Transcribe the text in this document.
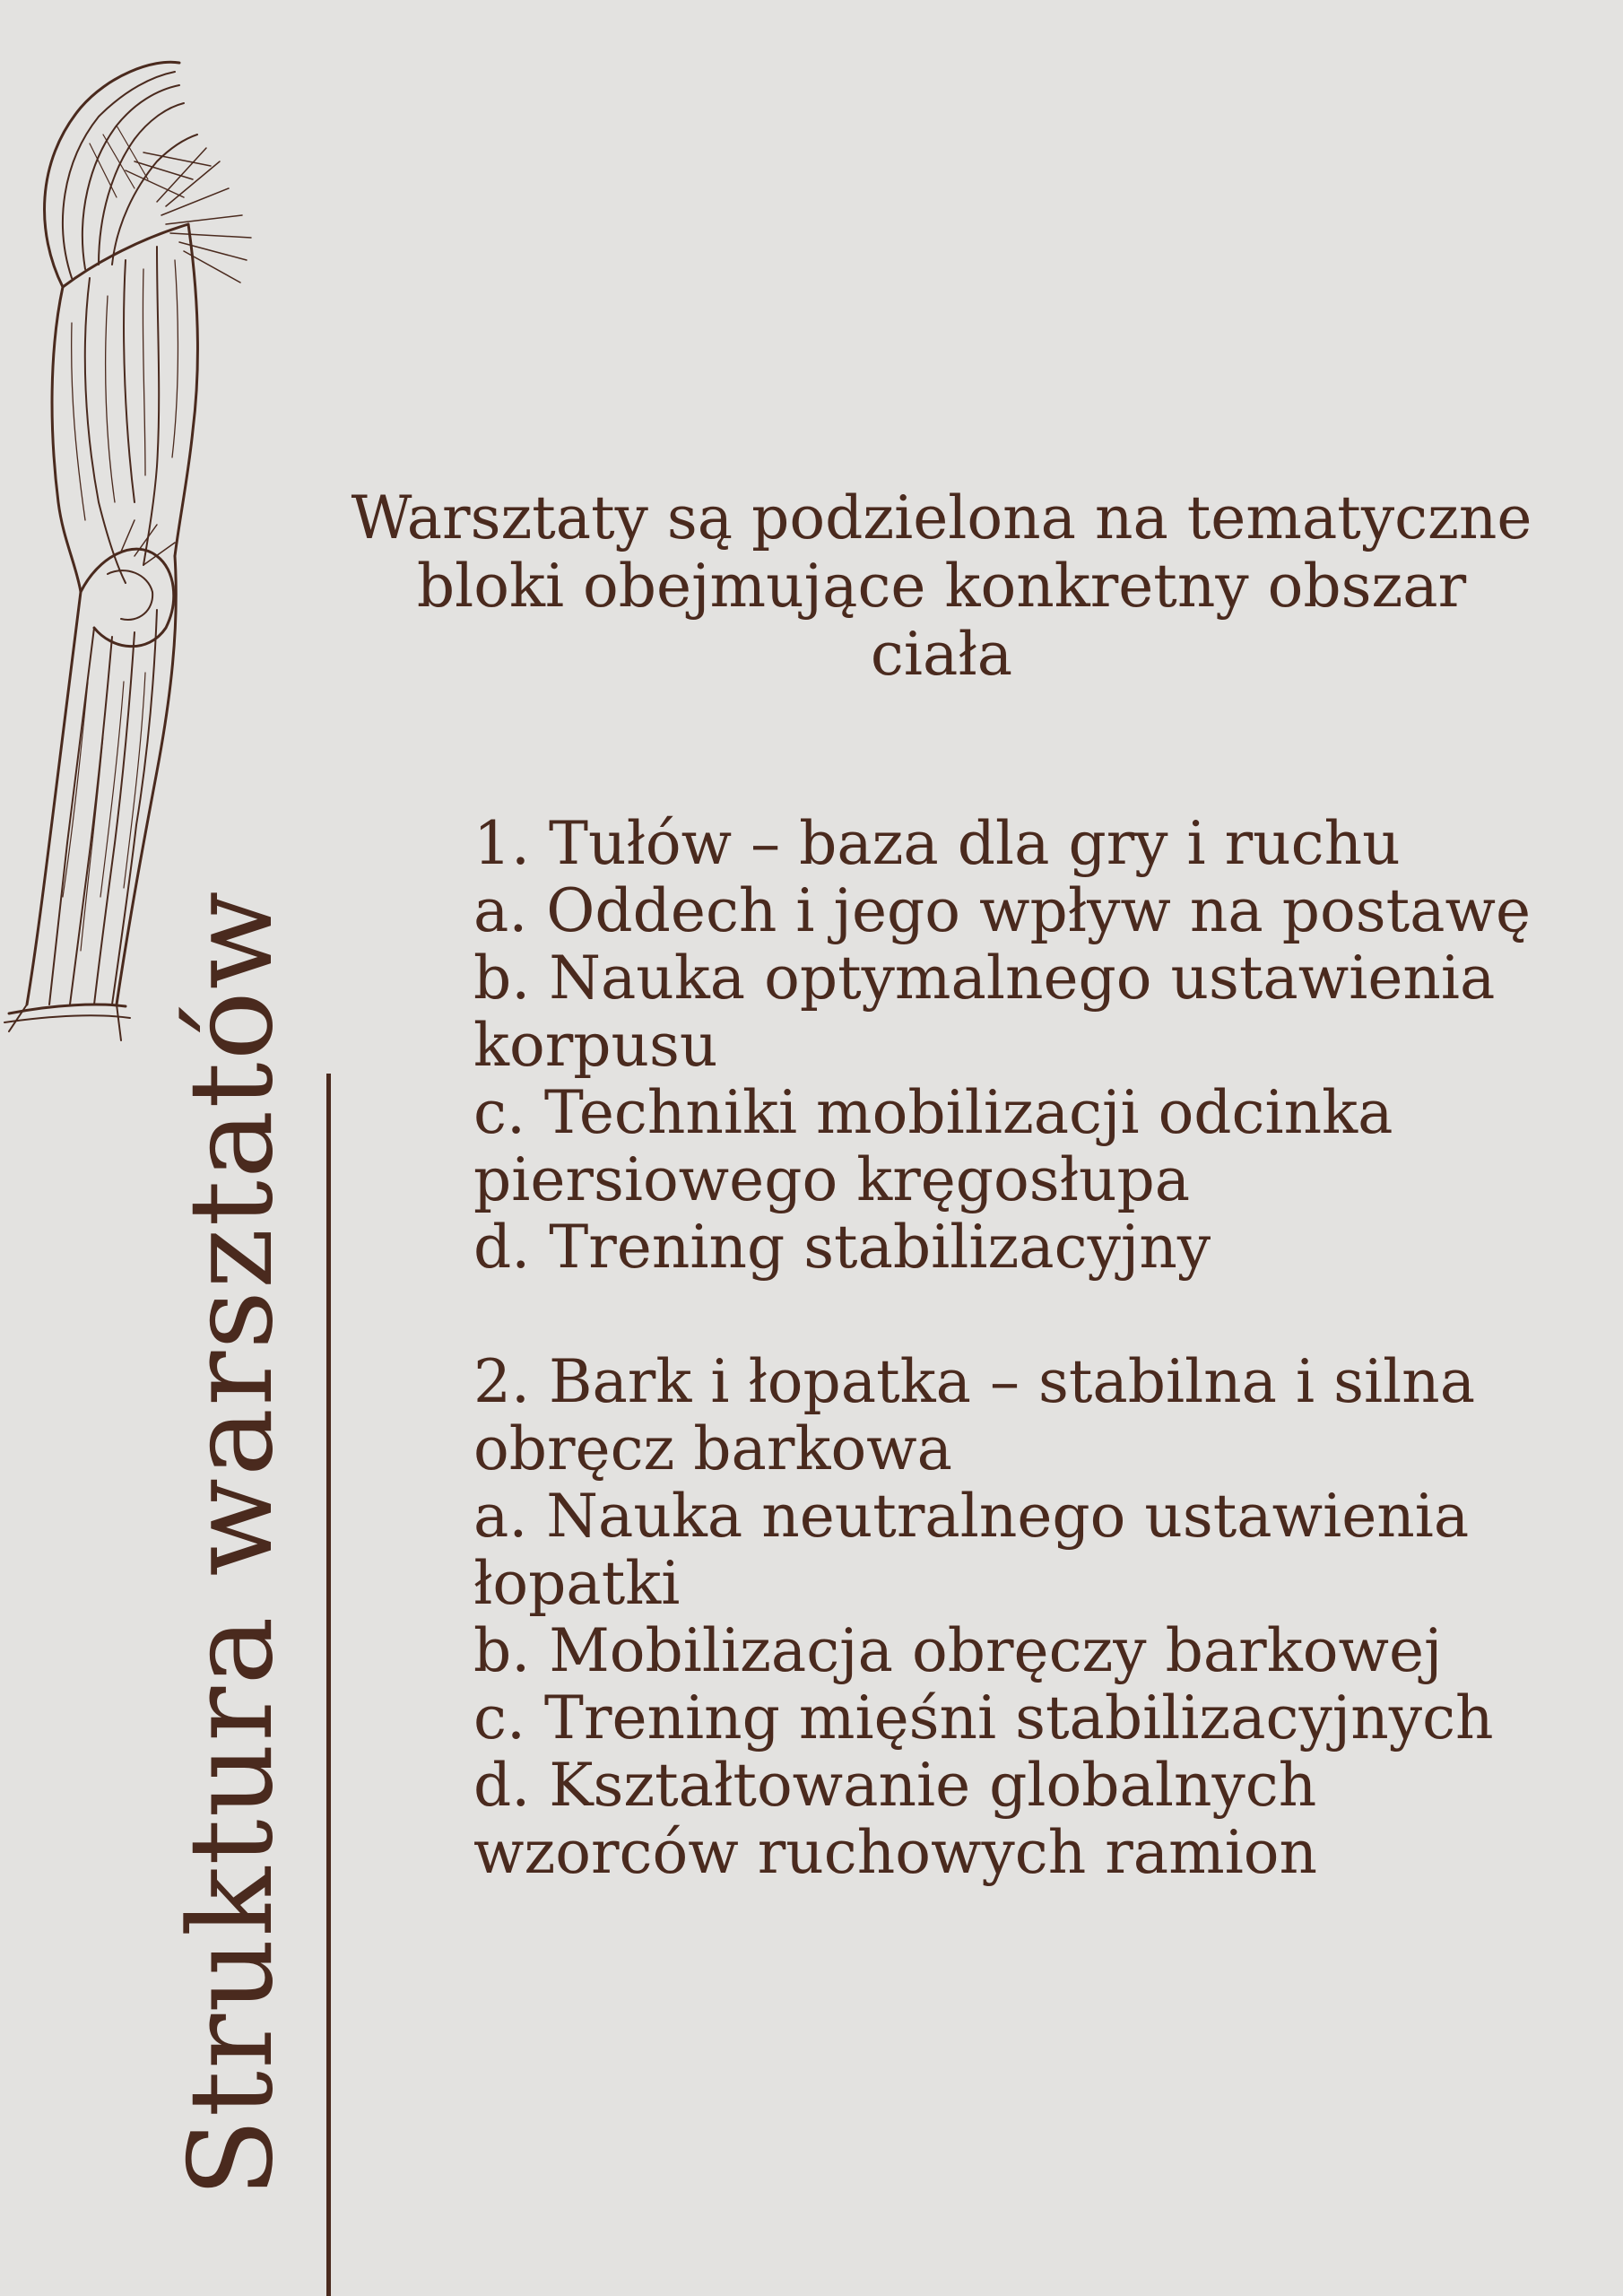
Struktura warsztatów
Warsztaty są podzielona na tematyczne
bloki obejmujące konkretny obszar
ciała
1. Tułów – baza dla gry i ruchu
a. Oddech i jego wpływ na postawę
b. Nauka optymalnego ustawienia
korpusu
c. Techniki mobilizacji odcinka
piersiowego kręgosłupa
d. Trening stabilizacyjny
2. Bark i łopatka – stabilna i silna
obręcz barkowa
a. Nauka neutralnego ustawienia
łopatki
b. Mobilizacja obręczy barkowej
c. Trening mięśni stabilizacyjnych
d. Kształtowanie globalnych
wzorców ruchowych ramion
